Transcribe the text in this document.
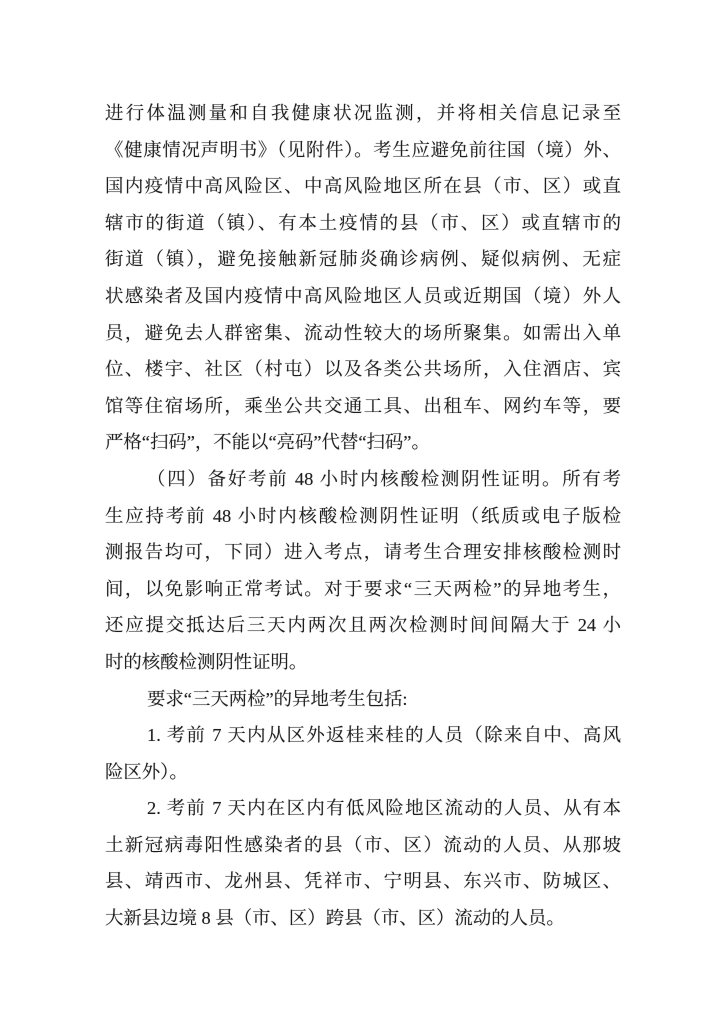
进行体温测量和自我健康状况监测，并将相关信息记录至
《健康情况声明书》（见附件）。考生应避免前往国（境）外、
国内疫情中高风险区、中高风险地区所在县（市、区）或直
辖市的街道（镇）、有本土疫情的县（市、区）或直辖市的
街道（镇），避免接触新冠肺炎确诊病例、疑似病例、无症
状感染者及国内疫情中高风险地区人员或近期国（境）外人
员，避免去人群密集、流动性较大的场所聚集。如需出入单
位、楼宇、社区（村屯）以及各类公共场所，入住酒店、宾
馆等住宿场所，乘坐公共交通工具、出租车、网约车等，要
严格“扫码”，不能以“亮码”代替“扫码”。
（四）备好考前 48 小时内核酸检测阴性证明。所有考
生应持考前 48 小时内核酸检测阴性证明（纸质或电子版检
测报告均可，下同）进入考点，请考生合理安排核酸检测时
间，以免影响正常考试。对于要求“三天两检”的异地考生，
还应提交抵达后三天内两次且两次检测时间间隔大于 24 小
时的核酸检测阴性证明。
要求“三天两检”的异地考生包括:
1. 考前 7 天内从区外返桂来桂的人员（除来自中、高风
险区外）。
2. 考前 7 天内在区内有低风险地区流动的人员、从有本
土新冠病毒阳性感染者的县（市、区）流动的人员、从那坡
县、靖西市、龙州县、凭祥市、宁明县、东兴市、防城区、
大新县边境 8 县（市、区）跨县（市、区）流动的人员。
